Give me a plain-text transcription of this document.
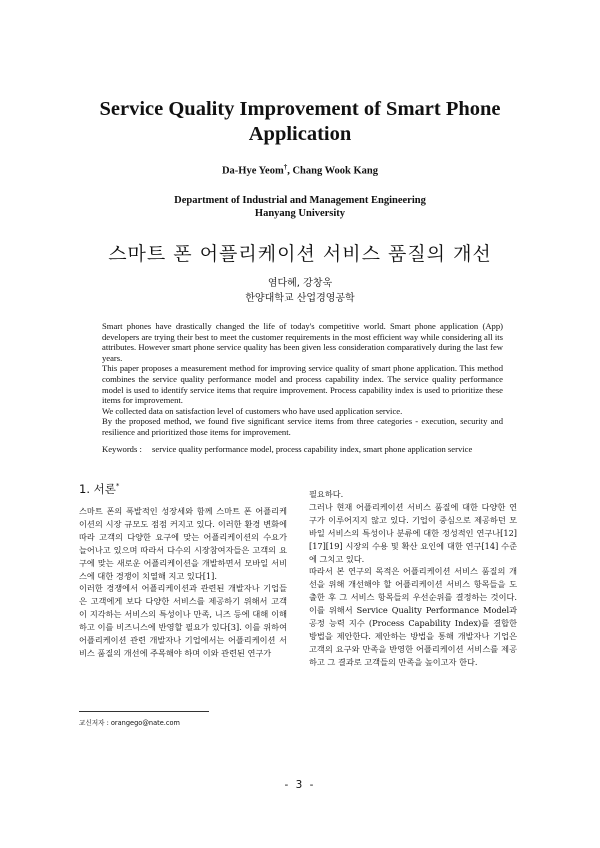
Service Quality Improvement of Smart Phone Application
Da-Hye Yeom†, Chang Wook Kang
Department of Industrial and Management Engineering
Hanyang University
스마트 폰 어플리케이션 서비스 품질의 개선
염다혜, 강창욱
한양대학교 산업경영공학

Smart phones have drastically changed the life of today's competitive world. Smart phone application (App) developers are trying their best to meet the customer requirements in the most efficient way while considering all its attributes. However smart phone service quality has been given less consideration comparatively during the last few years.

This paper proposes a measurement method for improving service quality of smart phone application. This method combines the service quality performance model and process capability index. The service quality performance model is used to identify service items that require improvement. Process capability index is used to prioritize these items for improvement.

We collected data on satisfaction level of customers who have used application service.

By the proposed method, we found five significant service items from three categories - execution, security and resilience and prioritized those items for improvement.

Keywords : service quality performance model, process capability index, smart phone application service
1. 서론*

스마트 폰의 폭발적인 성장세와 함께 스마트 폰 어플리케이션의 시장 규모도 점점 커지고 있다. 이러한 환경 변화에 따라 고객의 다양한 요구에 맞는 어플리케이션의 수요가 늘어나고 있으며 따라서 다수의 시장참여자들은 고객의 요구에 맞는 새로운 어플리케이션을 개발하면서 모바일 서비스에 대한 경쟁이 치열해 지고 있다[1].

이러한 경쟁에서 어플리케이션과 관련된 개발자나 기업들은 고객에게 보다 다양한 서비스를 제공하기 위해서 고객이 지각하는 서비스의 특성이나 만족, 니즈 등에 대해 이해하고 이를 비즈니스에 반영할 필요가 있다[3]. 이를 위하여 어플리케이션 관련 개발자나 기업에서는 어플리케이션 서비스 품질의 개선에 주목해야 하며 이와 관련된 연구가

필요하다.

그러나 현재 어플리케이션 서비스 품질에 대한 다양한 연구가 이루어지지 않고 있다. 기업이 중심으로 제공하던 모바일 서비스의 특성이나 분류에 대한 정성적인 연구나[12][17][19] 시장의 수용 및 확산 요인에 대한 연구[14] 수준에 그치고 있다.

따라서 본 연구의 목적은 어플리케이션 서비스 품질의 개선을 위해 개선해야 할 어플리케이션 서비스 항목들을 도출한 후 그 서비스 항목들의 우선순위를 결정하는 것이다. 이를 위해서 Service Quality Performance Model과 공정 능력 지수 (Process Capability Index)를 결합한 방법을 제안한다. 제안하는 방법을 통해 개발자나 기업은 고객의 요구와 만족을 반영한 어플리케이션 서비스를 제공하고 그 결과로 고객들의 만족을 높이고자 한다.

교신저자 : orangego@nate.com
- 3 -
